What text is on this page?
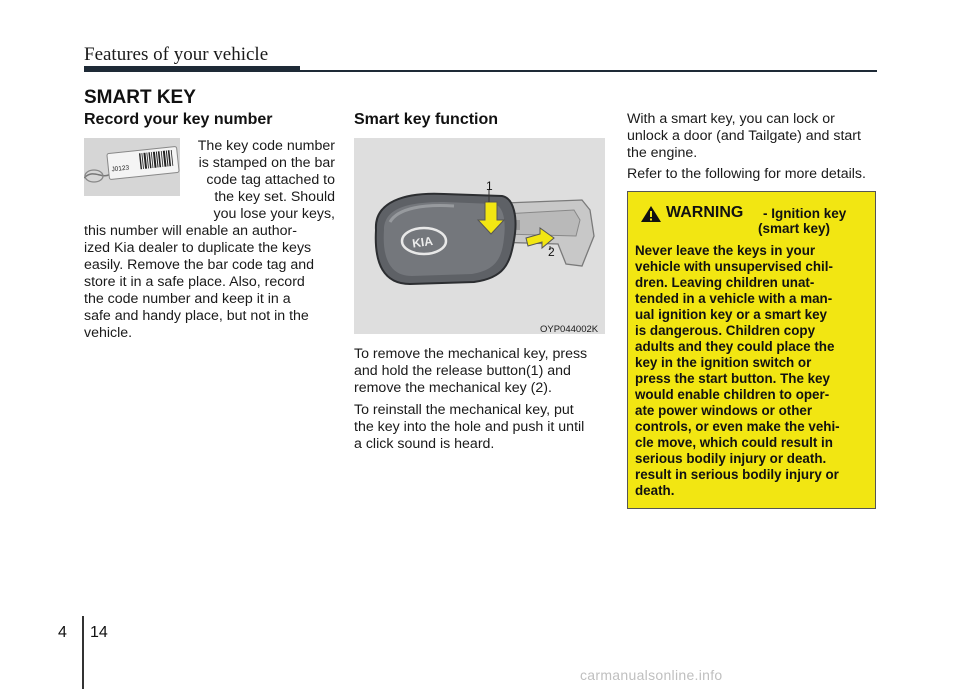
Features of your vehicle
SMART KEY
Record your key number
J0123

The key code number

is stamped on the bar

code tag attached to

the key set. Should

you lose your keys,

this number will enable an author-

ized Kia dealer to duplicate the keys

easily. Remove the bar code tag and

store it in a safe place. Also, record

the code number and keep it in a

safe and handy place, but not in the

vehicle.

Smart key function
KIA
1
2
OYP044002K

To remove the mechanical key, press

and hold the release button(1) and

remove the mechanical key (2).

To reinstall the mechanical key, put

the key into the hole and push it until

a click sound is heard.

With a smart key, you can lock or

unlock a door (and Tailgate) and start

the engine.

Refer to the following for more details.

WARNING - Ignition key
(smart key)

Never leave the keys in your

vehicle with unsupervised chil-

dren. Leaving children unat-

tended in a vehicle with a man-

ual ignition key or a smart key

is dangerous. Children copy

adults and they could place the

key in the ignition switch or

press the start button. The key

would enable children to oper-

ate power windows or other

controls, or even make the vehi-

cle move, which could result in

serious bodily injury or death.

result in serious bodily injury or

death.

4 14
carmanualsonline.info
